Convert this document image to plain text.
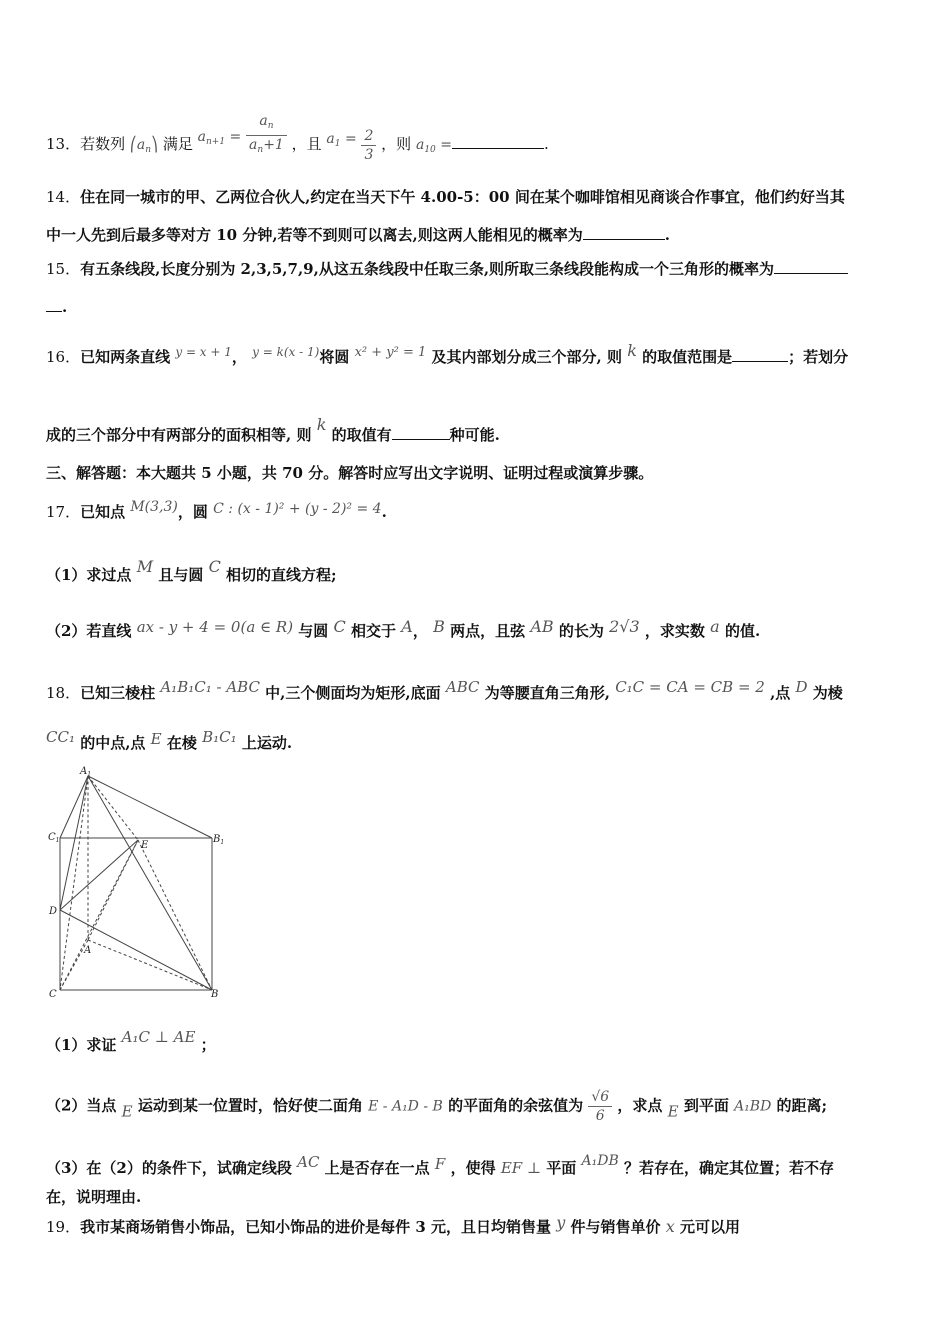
13．若数列 $⎛a_n⎞$ 满足 $a_{n+1} = \frac{a_n}{a_n+1}$ ，且 $a_1 = \frac{2}{3}$ ，则 $a_{10}$ =	.
14．住在同一城市的甲、乙两位合伙人,约定在当天下午 4.00-5：00 间在某个咖啡馆相见商谈合作事宜，他们约好当其
中一人先到后最多等对方 10 分钟,若等不到则可以离去,则这两人能相见的概率为	.
15．有五条线段,长度分别为 2,3,5,7,9,从这五条线段中任取三条,则所取三条线段能构成一个三角形的概率为
.
16．已知两条直线 $^{y = x + 1}$， $^{y = k(x - 1)}$将圆 x² + y² = 1 及其内部划分成三个部分, 则 k 的取值范围是	；若划分
成的三个部分中有两部分的面积相等, 则 k 的取值有	种可能.
三、解答题：本大题共 5 小题，共 70 分。解答时应写出文字说明、证明过程或演算步骤。
17．已知点 M(3,3)，圆 C : (x - 1)² + (y - 2)² = 4.
（1）求过点 M 且与圆 C 相切的直线方程;
（2）若直线 ax - y + 4 = 0(a ∈ R) 与圆 C 相交于 A， B 两点，且弦 AB 的长为 2√3 ，求实数 a 的值.
18．已知三棱柱 A₁B₁C₁ - ABC 中,三个侧面均为矩形,底面 ABC 为等腰直角三角形, C₁C = CA = CB = 2 ,点 D 为棱
CC₁ 的中点,点 E 在棱 B₁C₁ 上运动.
$A_1$
$C_1$	$B_1$
E
D
A
C	B
（1）求证 A₁C ⊥ AE ；
（2）当点 E 运动到某一位置时，恰好使二面角 E - A₁D - B 的平面角的余弦值为 $\frac{√6}{6}$ ，求点 E 到平面 A₁BD 的距离;
（3）在（2）的条件下，试确定线段 AC 上是否存在一点 F ，使得 EF ⊥ 平面 A₁DB ？若存在，确定其位置；若不存
在，说明理由.
19．我市某商场销售小饰品，已知小饰品的进价是每件 3 元，且日均销售量 y 件与销售单价 x 元可以用
